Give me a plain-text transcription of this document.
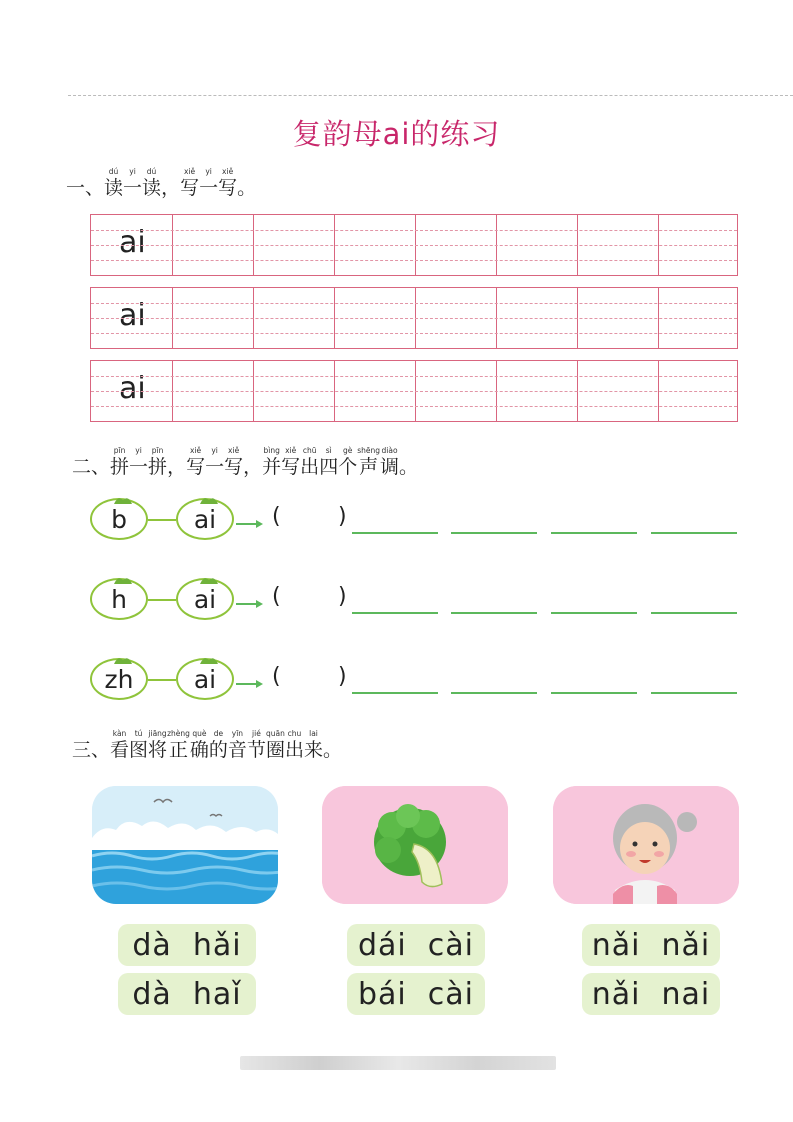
复韵母ai的练习
一、
dú
读
yi
一
dú
读 ，
xiě
写
yi
一
xiě
写 。
ai
ai
ai
二、
pīn
拼
yi
一
pīn
拼 ，
xiě
写
yi
一
xiě
写 ，
bìng
并
xiě
写
chū
出
sì
四
gè
个
shēng
声
diào
调 。
b	ai	(	)
h	ai	(	)
zh	ai	(	)
三、
kàn
看
tú
图
jiāng
将
zhèng
正
què
确
de
的
yīn
音
jié
节
quān
圈
chu
出
lai
来 。
dà  hǎi
dà  haǐ
dái  cài
bái  cài
nǎi  nǎi
nǎi  nai
